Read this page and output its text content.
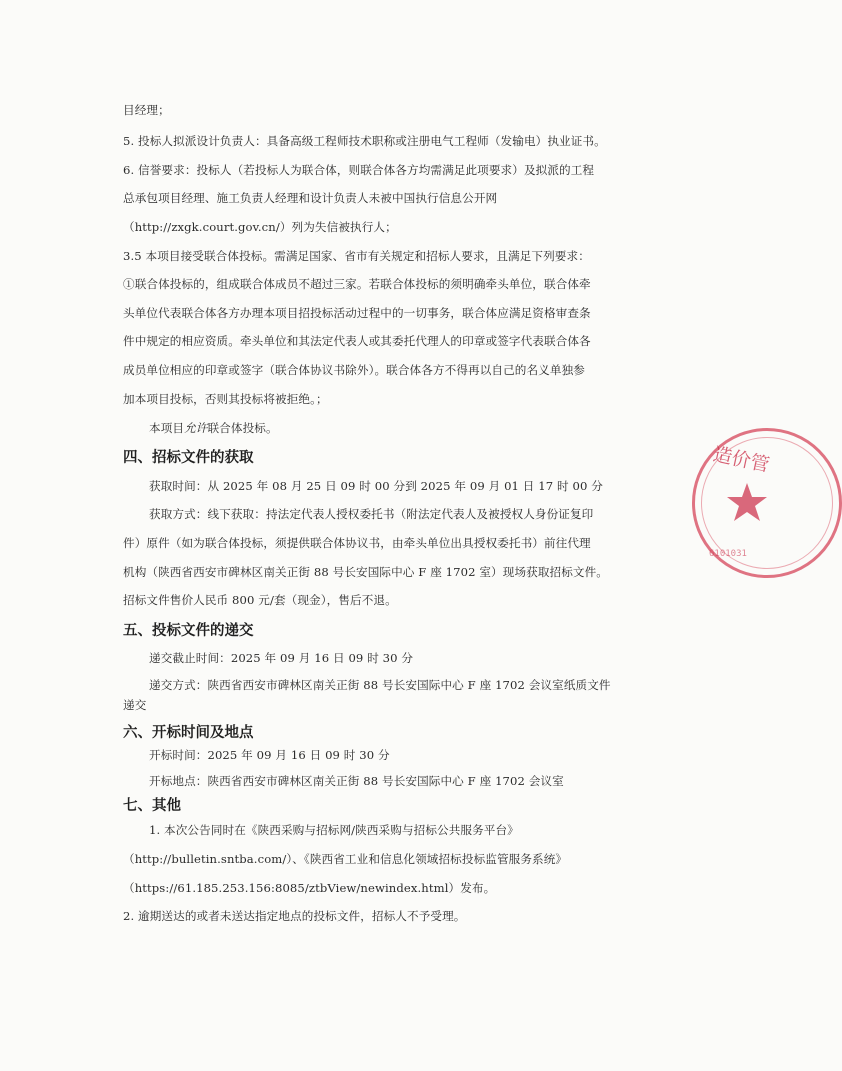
目经理；
5. 投标人拟派设计负责人：具备高级工程师技术职称或注册电气工程师（发输电）执业证书。
6. 信誉要求：投标人（若投标人为联合体，则联合体各方均需满足此项要求）及拟派的工程
总承包项目经理、施工负责人经理和设计负责人未被中国执行信息公开网
（http://zxgk.court.gov.cn/）列为失信被执行人；
3.5 本项目接受联合体投标。需满足国家、省市有关规定和招标人要求，且满足下列要求：
①联合体投标的，组成联合体成员不超过三家。若联合体投标的须明确牵头单位，联合体牵
头单位代表联合体各方办理本项目招投标活动过程中的一切事务，联合体应满足资格审查条
件中规定的相应资质。牵头单位和其法定代表人或其委托代理人的印章或签字代表联合体各
成员单位相应的印章或签字（联合体协议书除外）。联合体各方不得再以自己的名义单独参
加本项目投标，否则其投标将被拒绝。；
本项目允许联合体投标。
四、招标文件的获取
获取时间：从 2025 年 08 月 25 日 09 时 00 分到 2025 年 09 月 01 日 17 时 00 分
获取方式：线下获取：持法定代表人授权委托书（附法定代表人及被授权人身份证复印
件）原件（如为联合体投标，须提供联合体协议书，由牵头单位出具授权委托书）前往代理
机构（陕西省西安市碑林区南关正街 88 号长安国际中心 F 座 1702 室）现场获取招标文件。
招标文件售价人民币 800 元/套（现金），售后不退。
五、投标文件的递交
递交截止时间：2025 年 09 月 16 日 09 时 30 分
递交方式：陕西省西安市碑林区南关正街 88 号长安国际中心 F 座 1702 会议室纸质文件
递交
六、开标时间及地点
开标时间：2025 年 09 月 16 日 09 时 30 分
开标地点：陕西省西安市碑林区南关正街 88 号长安国际中心 F 座 1702 会议室
七、其他
1. 本次公告同时在《陕西采购与招标网/陕西采购与招标公共服务平台》
（http://bulletin.sntba.com/）、《陕西省工业和信息化领域招标投标监管服务系统》
（https://61.185.253.156:8085/ztbView/newindex.html）发布。
2. 逾期送达的或者未送达指定地点的投标文件，招标人不予受理。
造价管
6101031
